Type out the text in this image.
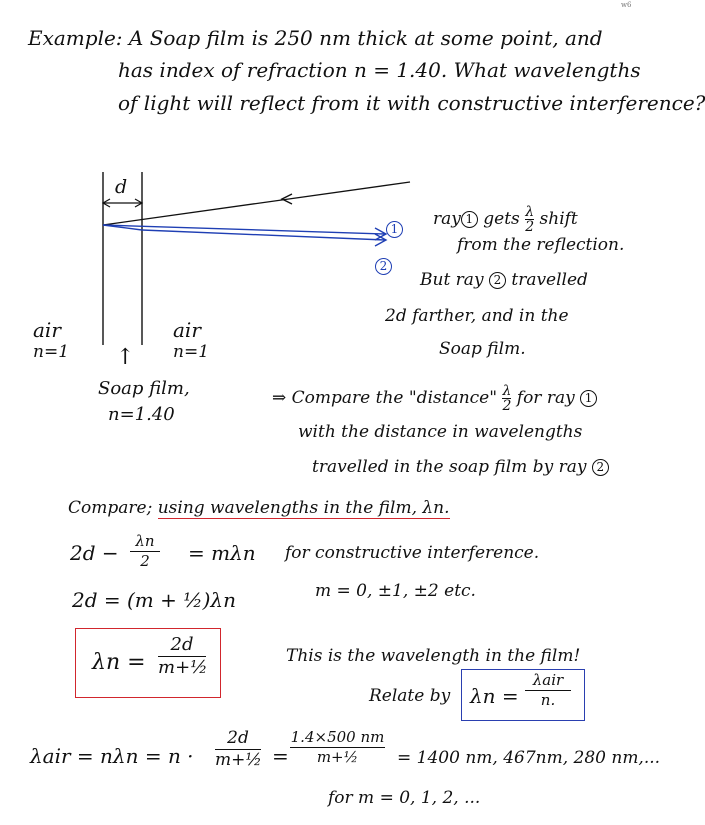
w6
Example: A Soap film is 250 nm thick at some point, and
has index of refraction n = 1.40. What wavelengths
of light will reflect from it with constructive interference?
d
1
2
air
n=1
air
n=1
↑
Soap film,
n=1.40
ray 1 gets $\frac{\lambda}{2}$ shift
from the reflection.
But ray 2 travelled
2d farther, and in the
Soap film.
⇒ Compare the "distance" $\frac{\lambda}{2}$ for ray 1
with the distance in wavelengths
travelled in the soap film by ray 2
Compare; using wavelengths in the film, λn.
2d −	λn
2	= mλn for constructive interference.
2d = (m + ½)λn	m = 0, ±1, ±2 etc.
λn =
2d
m+½
This is the wavelength in the film!
Relate by λn =
λair
n.
λair = nλn = n ·
2d
m+½ =
1.4×500 nm
m+½	= 1400 nm, 467nm, 280 nm,...
for m = 0, 1, 2, ...
